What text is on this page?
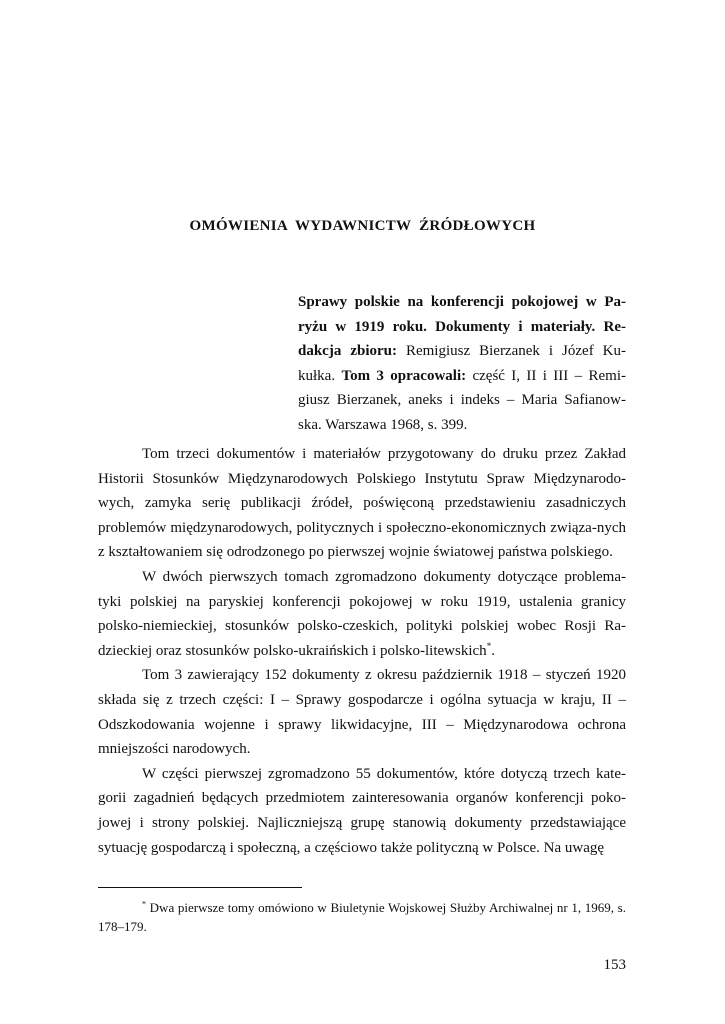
OMÓWIENIA WYDAWNICTW ŹRÓDŁOWYCH
Sprawy polskie na konferencji pokojowej w Pa-ryżu w 1919 roku. Dokumenty i materiały. Re-dakcja zbioru: Remigiusz Bierzanek i Józef Ku-kułka. Tom 3 opracowali: część I, II i III – Remi-giusz Bierzanek, aneks i indeks – Maria Safianow-ska. Warszawa 1968, s. 399.

Tom trzeci dokumentów i materiałów przygotowany do druku przez Zakład Historii Stosunków Międzynarodowych Polskiego Instytutu Spraw Międzynarodo-wych, zamyka serię publikacji źródeł, poświęconą przedstawieniu zasadniczych problemów międzynarodowych, politycznych i społeczno-ekonomicznych związa-nych z kształtowaniem się odrodzonego po pierwszej wojnie światowej państwa polskiego.

W dwóch pierwszych tomach zgromadzono dokumenty dotyczące problema-tyki polskiej na paryskiej konferencji pokojowej w roku 1919, ustalenia granicy polsko-niemieckiej, stosunków polsko-czeskich, polityki polskiej wobec Rosji Ra-dzieckiej oraz stosunków polsko-ukraińskich i polsko-litewskich*.

Tom 3 zawierający 152 dokumenty z okresu październik 1918 – styczeń 1920 składa się z trzech części: I – Sprawy gospodarcze i ogólna sytuacja w kraju, II – Odszkodowania wojenne i sprawy likwidacyjne, III – Międzynarodowa ochrona mniejszości narodowych.

W części pierwszej zgromadzono 55 dokumentów, które dotyczą trzech kate-gorii zagadnień będących przedmiotem zainteresowania organów konferencji poko-jowej i strony polskiej. Najliczniejszą grupę stanowią dokumenty przedstawiające sytuację gospodarczą i społeczną, a częściowo także polityczną w Polsce. Na uwagę

* Dwa pierwsze tomy omówiono w Biuletynie Wojskowej Służby Archiwalnej nr 1, 1969, s. 178–179.
153
